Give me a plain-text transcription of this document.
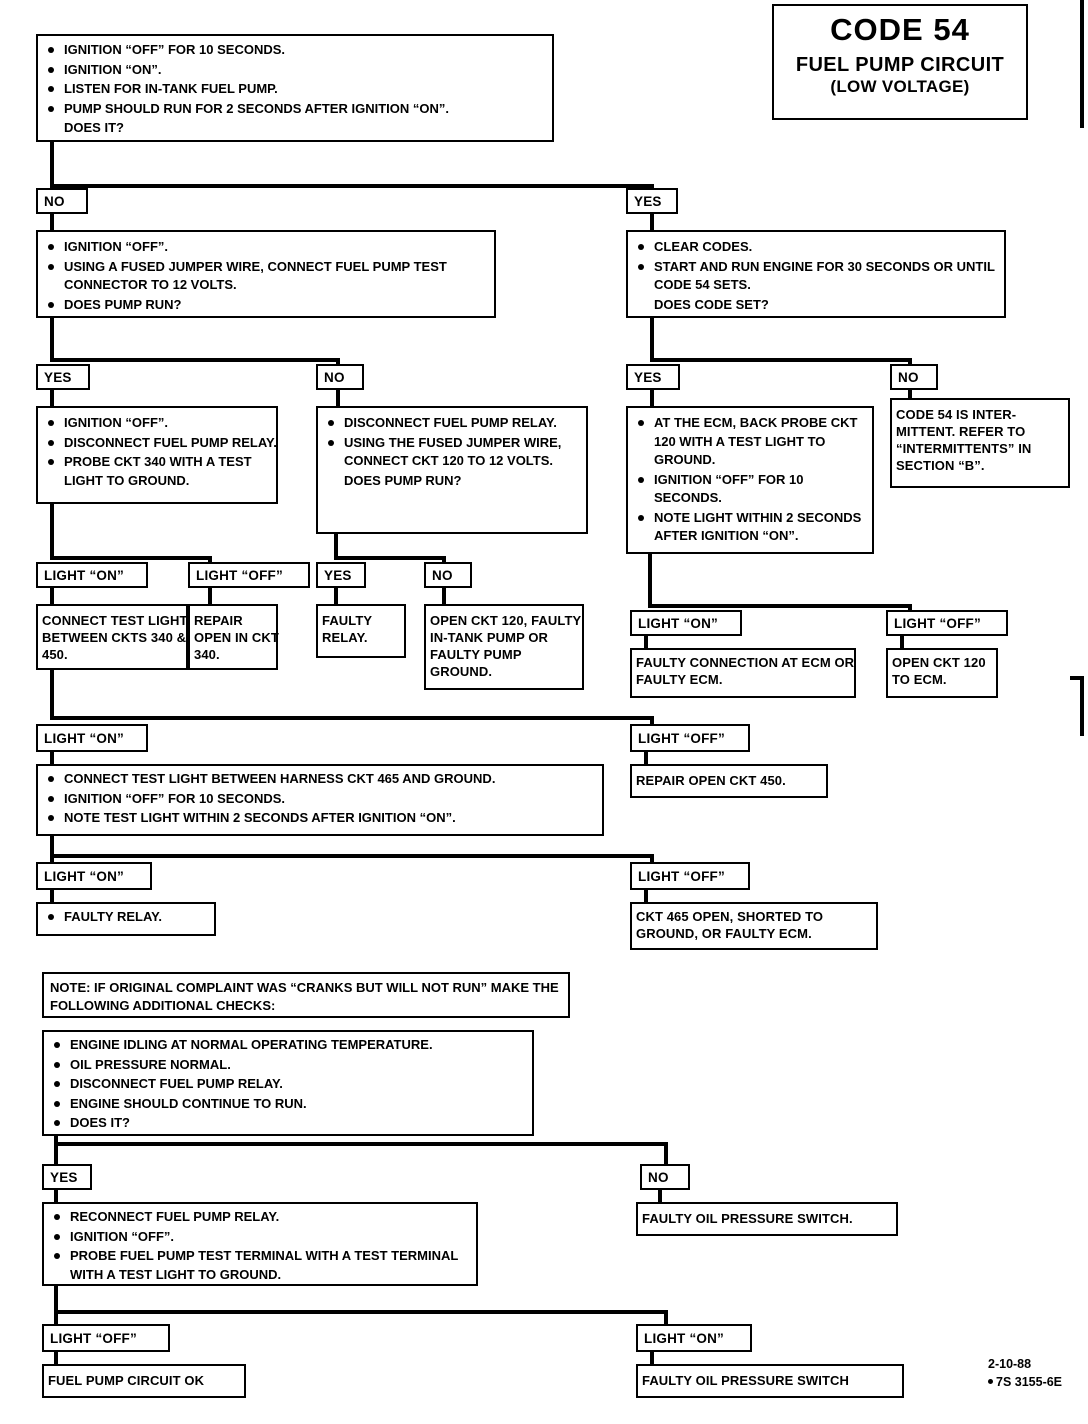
CODE 54
FUEL PUMP CIRCUIT
(LOW VOLTAGE)
IGNITION “OFF” FOR 10 SECONDS.
IGNITION “ON”.
LISTEN FOR IN-TANK FUEL PUMP.
PUMP SHOULD RUN FOR 2 SECONDS AFTER IGNITION “ON”.
DOES IT?
NO	YES
IGNITION “OFF”.
USING A FUSED JUMPER WIRE, CONNECT FUEL PUMP TEST CONNECTOR TO 12 VOLTS.
DOES PUMP RUN?
CLEAR CODES.
START AND RUN ENGINE FOR 30 SECONDS OR UNTIL CODE 54 SETS.
DOES CODE SET?
YES	NO	YES	NO
IGNITION “OFF”.
DISCONNECT FUEL PUMP RELAY.
PROBE CKT 340 WITH A TEST LIGHT TO GROUND.
DISCONNECT FUEL PUMP RELAY.
USING THE FUSED JUMPER WIRE, CONNECT CKT 120 TO 12 VOLTS.
DOES PUMP RUN?
AT THE ECM, BACK PROBE CKT 120 WITH A TEST LIGHT TO GROUND.
IGNITION “OFF” FOR 10 SECONDS.
NOTE LIGHT WITHIN 2 SECONDS AFTER IGNITION “ON”.
CODE 54 IS INTER-MITTENT. REFER TO “INTERMITTENTS” IN SECTION “B”.
LIGHT “ON”	LIGHT “OFF”	YES	NO
LIGHT “ON”	LIGHT “OFF”
CONNECT TEST LIGHT BETWEEN CKTS 340 & 450.
REPAIR OPEN IN CKT 340.
FAULTY RELAY.
OPEN CKT 120, FAULTY IN-TANK PUMP OR FAULTY PUMP GROUND.
FAULTY CONNECTION AT ECM OR FAULTY ECM.
OPEN CKT 120 TO ECM.
LIGHT “ON”	LIGHT “OFF”
CONNECT TEST LIGHT BETWEEN HARNESS CKT 465 AND GROUND.
IGNITION “OFF” FOR 10 SECONDS.
NOTE TEST LIGHT WITHIN 2 SECONDS AFTER IGNITION “ON”.
REPAIR OPEN CKT 450.
LIGHT “ON”	LIGHT “OFF”
FAULTY RELAY.	CKT 465 OPEN, SHORTED TO GROUND, OR FAULTY ECM.
NOTE: IF ORIGINAL COMPLAINT WAS “CRANKS BUT WILL NOT RUN” MAKE THE FOLLOWING ADDITIONAL CHECKS:
ENGINE IDLING AT NORMAL OPERATING TEMPERATURE.
OIL PRESSURE NORMAL.
DISCONNECT FUEL PUMP RELAY.
ENGINE SHOULD CONTINUE TO RUN.
DOES IT?
YES	NO
RECONNECT FUEL PUMP RELAY.
IGNITION “OFF”.
PROBE FUEL PUMP TEST TERMINAL WITH A TEST TERMINAL WITH A TEST LIGHT TO GROUND.
FAULTY OIL PRESSURE SWITCH.
LIGHT “OFF”	LIGHT “ON”
FUEL PUMP CIRCUIT OK	FAULTY OIL PRESSURE SWITCH
2-10-88
7S 3155-6E
